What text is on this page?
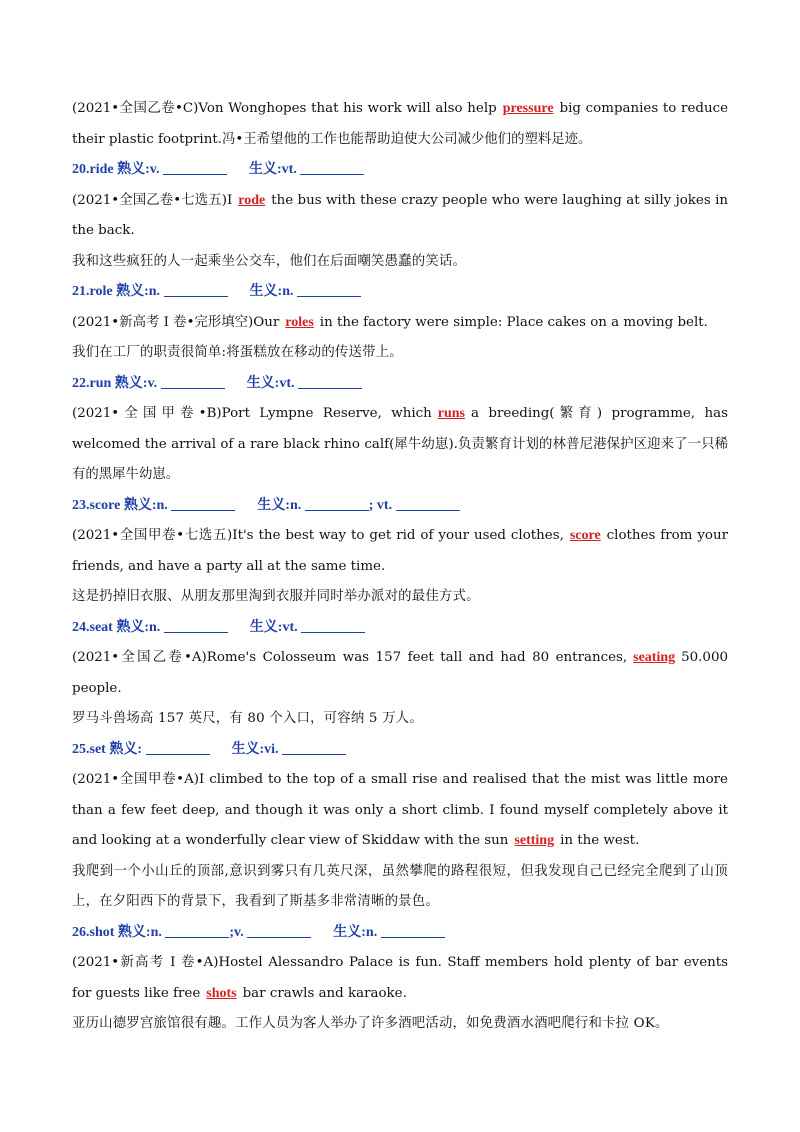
(2021•全国乙卷•C)Von Wonghopes that his work will also help pressure big companies to reduce their plastic footprint.冯•王希望他的工作也能帮助迫使大公司减少他们的塑料足迹。
20.ride 熟义:v.	生义:vt.
(2021•全国乙卷•七选五)I rode the bus with these crazy people who were laughing at silly jokes in the back.
我和这些疯狂的人一起乘坐公交车，他们在后面嘲笑愚蠢的笑话。
21.role 熟义:n.	生义:n.
(2021•新高考 I 卷•完形填空)Our roles in the factory were simple: Place cakes on a moving belt.
我们在工厂的职责很简单:将蛋糕放在移动的传送带上。
22.run 熟义:v.	生义:vt.
(2021•全国甲卷•B)Port Lympne Reserve, which runs a breeding(繁育) programme, has welcomed the arrival of a rare black rhino calf(犀牛幼崽).负责繁育计划的林普尼港保护区迎来了一只稀有的黑犀牛幼崽。
23.score 熟义:n.	生义:n.	; vt.
(2021•全国甲卷•七选五)It's the best way to get rid of your used clothes, score clothes from your friends, and have a party all at the same time.
这是扔掉旧衣服、从朋友那里淘到衣服并同时举办派对的最佳方式。
24.seat 熟义:n.	生义:vt.
(2021•全国乙卷•A)Rome's Colosseum was 157 feet tall and had 80 entrances, seating 50.000 people.
罗马斗兽场高 157 英尺，有 80 个入口，可容纳 5 万人。
25.set 熟义:	生义:vi.
(2021•全国甲卷•A)I climbed to the top of a small rise and realised that the mist was little more than a few feet deep, and though it was only a short climb. I found myself completely above it and looking at a wonderfully clear view of Skiddaw with the sun setting in the west.
我爬到一个小山丘的顶部,意识到雾只有几英尺深，虽然攀爬的路程很短，但我发现自己已经完全爬到了山顶上，在夕阳西下的背景下，我看到了斯基多非常清晰的景色。
26.shot 熟义:n.	;v.	生义:n.
(2021•新高考 I 卷•A)Hostel Alessandro Palace is fun. Staff members hold plenty of bar events for guests like free shots bar crawls and karaoke.
亚历山德罗宫旅馆很有趣。工作人员为客人举办了许多酒吧活动，如免费酒水酒吧爬行和卡拉 OK。
